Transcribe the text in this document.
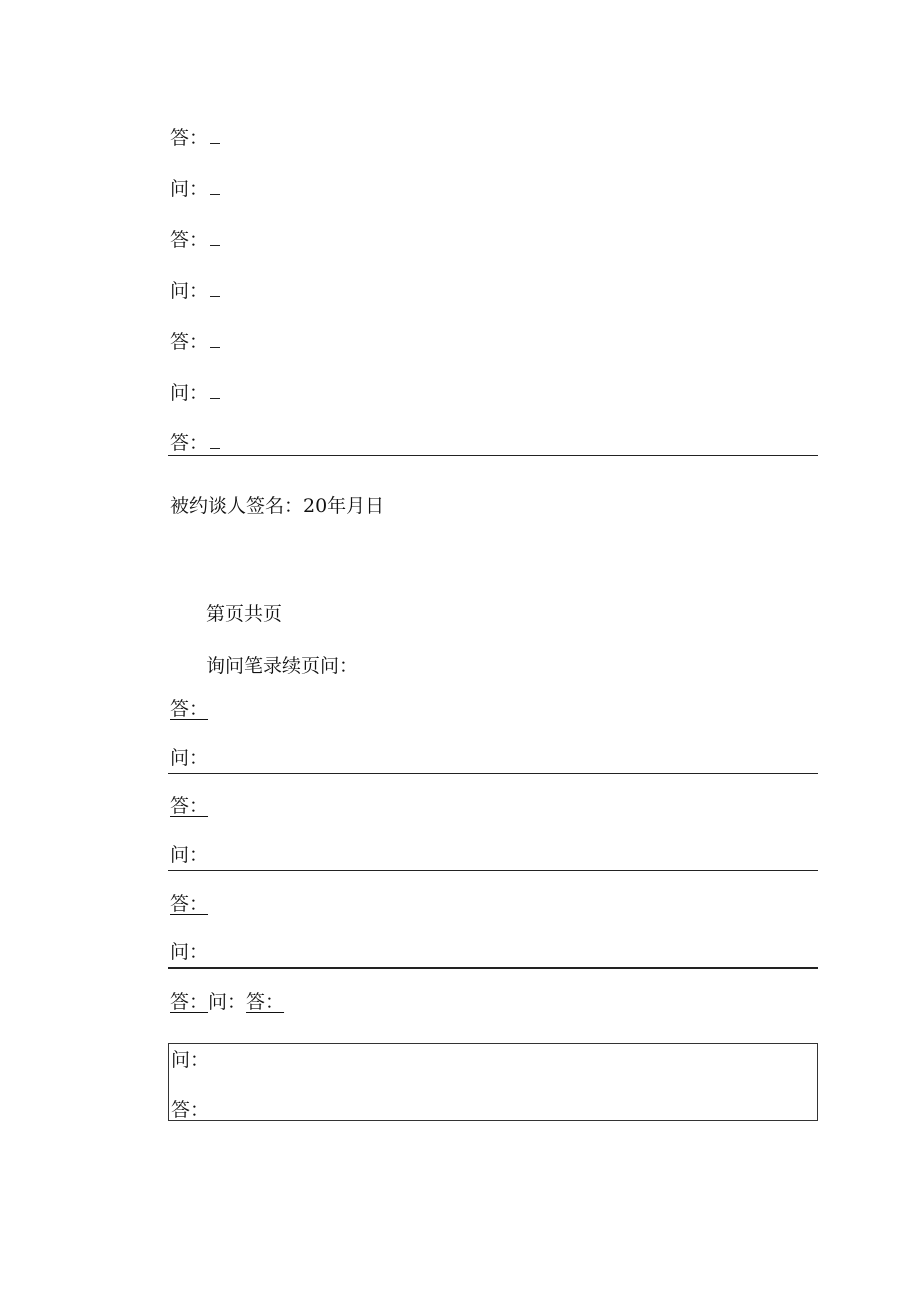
答：
问：
答：
问：
答：
问：
答：
被约谈人签名：20年月日
第页共页
询问笔录续页问：
答：
问：
答：
问：
答：
问：
答：问：答：
问：
答：
